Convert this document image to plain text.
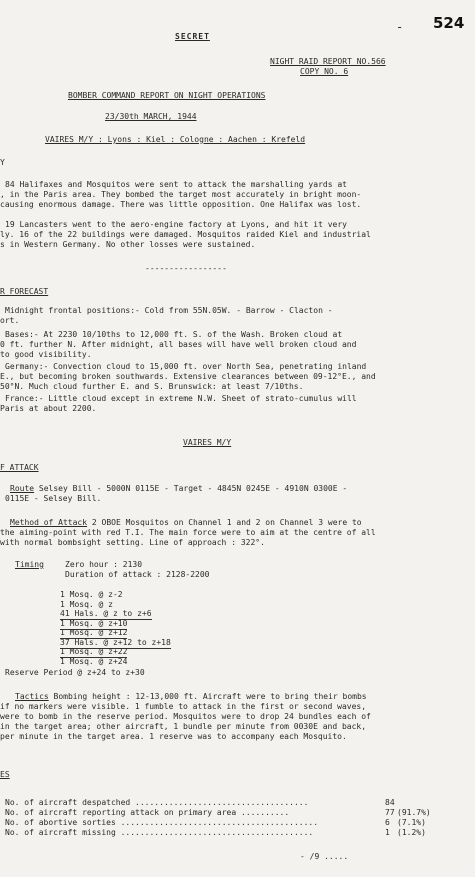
524
-
SECRET
NIGHT RAID REPORT NO.566
COPY NO. 6
BOMBER COMMAND REPORT ON NIGHT OPERATIONS
23/30th MARCH, 1944
VAIRES M/Y : Lyons : Kiel : Cologne : Aachen : Krefeld
Y
84 Halifaxes and Mosquitos were sent to attack the marshalling yards at
, in the Paris area. They bombed the target most accurately in bright moon-
causing enormous damage. There was little opposition. One Halifax was lost.
19 Lancasters went to the aero-engine factory at Lyons, and hit it very
ly. 16 of the 22 buildings were damaged. Mosquitos raided Kiel and industrial
s in Western Germany. No other losses were sustained.
-----------------
R FORECAST
Midnight frontal positions:- Cold from 55N.05W. - Barrow - Clacton -
ort.
Bases:- At 2230 10/10ths to 12,000 ft. S. of the Wash. Broken cloud at
0 ft. further N. After midnight, all bases will have well broken cloud and
to good visibility.
Germany:- Convection cloud to 15,000 ft. over North Sea, penetrating inland
E., but becoming broken southwards. Extensive clearances between 09-12°E., and
50°N. Much cloud further E. and S. Brunswick: at least 7/10ths.
France:- Little cloud except in extreme N.W. Sheet of strato-cumulus will
Paris at about 2200.
VAIRES M/Y
F ATTACK
Route Selsey Bill - 5000N 0115E - Target - 4845N 0245E - 4910N 0300E -
0115E - Selsey Bill.
Method of Attack 2 OBOE Mosquitos on Channel 1 and 2 on Channel 3 were to
the aiming-point with red T.I. The main force were to aim at the centre of all
with normal bombsight setting. Line of approach : 322°.
Timing	Zero hour : 2130
Duration of attack : 2128-2200
1 Mosq. @ z-2
1 Mosq. @ z
41 Hals. @ z to z+6
1 Mosq. @ z+10
1 Mosq. @ z+12
37 Hals. @ z+12 to z+18
1 Mosq. @ z+22
1 Mosq. @ z+24
Reserve Period @ z+24 to z+30
Tactics Bombing height : 12-13,000 ft. Aircraft were to bring their bombs
if no markers were visible. 1 fumble to attack in the first or second waves,
were to bomb in the reserve period. Mosquitos were to drop 24 bundles each of
in the target area; other aircraft, 1 bundle per minute from 0030E and back,
per minute in the target area. 1 reserve was to accompany each Mosquito.
ES
No. of aircraft despatched ....................................	84
No. of aircraft reporting attack on primary area ..........	77 (91.7%)
No. of abortive sorties .........................................	6 (7.1%)
No. of aircraft missing ........................................	1 (1.2%)
- /9 .....
